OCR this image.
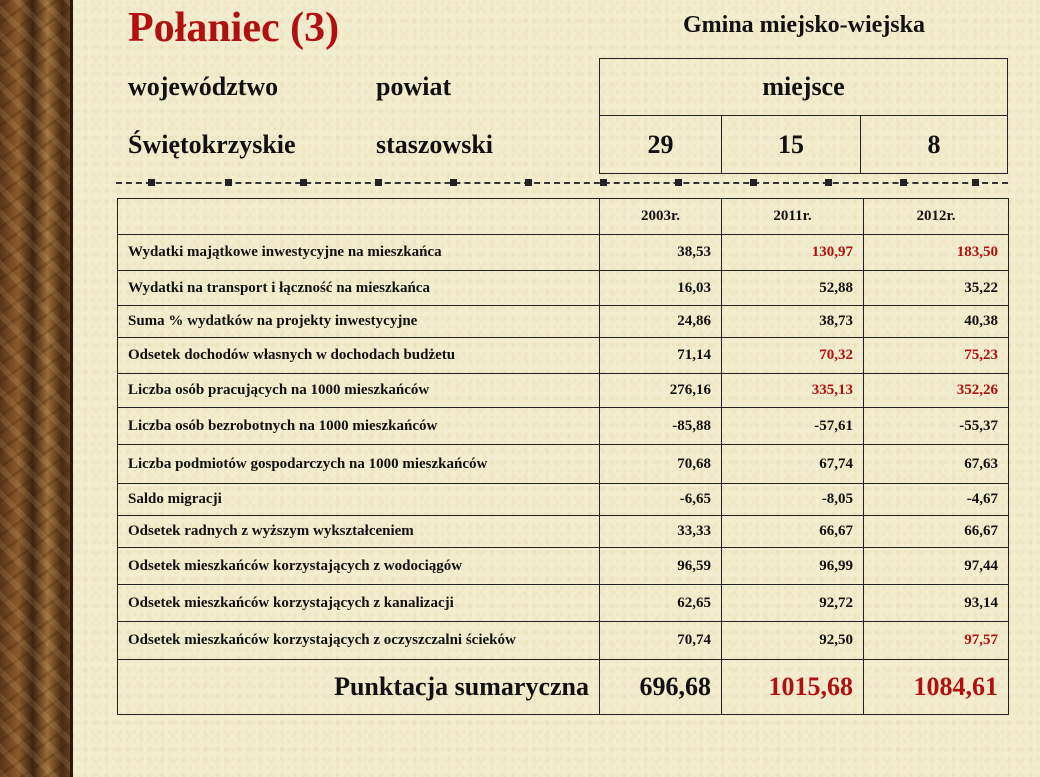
Połaniec (3)	Gmina miejsko-wiejska
województwo	powiat
Świętokrzyskie	staszowski
miejsce
29	15	8
	2003r.	2011r.	2012r.
Wydatki majątkowe inwestycyjne na mieszkańca	38,53	130,97	183,50
Wydatki na transport i łączność na mieszkańca	16,03	52,88	35,22
Suma % wydatków na projekty inwestycyjne	24,86	38,73	40,38
Odsetek dochodów własnych w dochodach budżetu	71,14	70,32	75,23
Liczba osób pracujących na 1000 mieszkańców	276,16	335,13	352,26
Liczba osób bezrobotnych na 1000 mieszkańców	-85,88	-57,61	-55,37
Liczba podmiotów gospodarczych na 1000 mieszkańców	70,68	67,74	67,63
Saldo migracji	-6,65	-8,05	-4,67
Odsetek radnych z wyższym wykształceniem	33,33	66,67	66,67
Odsetek mieszkańców korzystających z wodociągów	96,59	96,99	97,44
Odsetek mieszkańców korzystających z kanalizacji	62,65	92,72	93,14
Odsetek mieszkańców korzystających z oczyszczalni ścieków	70,74	92,50	97,57
Punktacja sumaryczna	696,68	1015,68	1084,61
